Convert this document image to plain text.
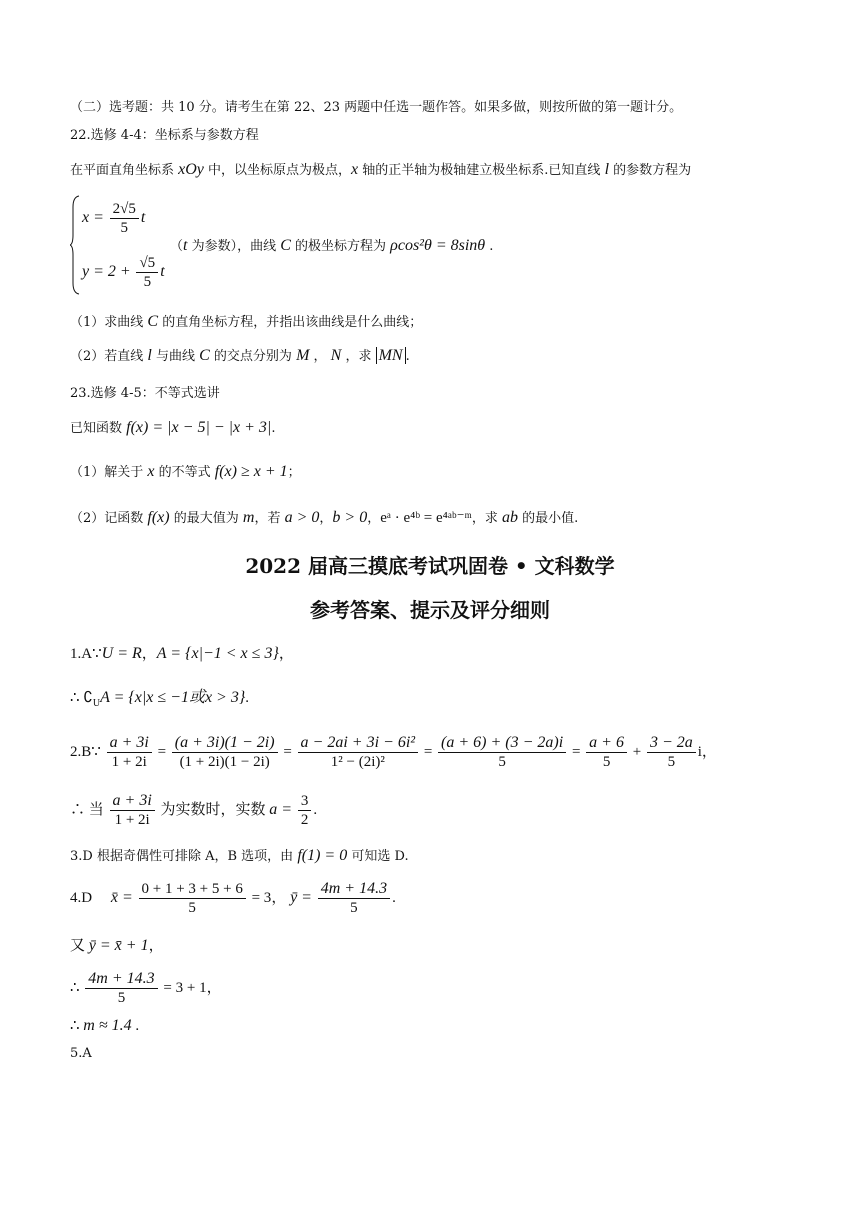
（二）选考题：共 10 分。请考生在第 22、23 两题中任选一题作答。如果多做，则按所做的第一题计分。
22.选修 4-4：坐标系与参数方程
在平面直角坐标系 xOy 中，以坐标原点为极点，x 轴的正半轴为极轴建立极坐标系.已知直线 l 的参数方程为
$x = \frac{2√5}{5}$ t
$y = 2 + \frac{√5}{5}$ t
（t 为参数），曲线 C 的极坐标方程为 ρcos²θ = 8sinθ .
（1）求曲线 C 的直角坐标方程，并指出该曲线是什么曲线；
（2）若直线 l 与曲线 C 的交点分别为 M ， N ，求 MN .
23.选修 4-5：不等式选讲
已知函数 f(x) = |x − 5| − |x + 3|.
（1）解关于 x 的不等式 f(x) ≥ x + 1；
（2）记函数 f(x) 的最大值为 m，若 a > 0，b > 0，eᵃ · e⁴ᵇ = e⁴ᵃᵇ⁻ᵐ，求 ab 的最小值.
2022 届高三摸底考试巩固卷 • 文科数学
参考答案、提示及评分细则
1.A∵U = R，A = {x|−1 < x ≤ 3}，
∴ $∁_UA = \{x|x \le -1$或x > 3}.
2.B∵ $\frac{a + 3i}{1 + 2i} = \frac{(a + 3i)(1 - 2i)}{(1 + 2i)(1 - 2i)} = \frac{\text{a − 2ai + 3i − 6i²}}{\text{1² − (2i)²}} = \frac{(a + 6) + (3 - 2a)i}{5} = \frac{a + 6}{5} + \frac{3 - 2a}{5}$ i，
∴ 当 $\frac{a + 3i}{1 + 2i}$ 为实数时，实数 $a = \frac{3}{2}$ .
3.D 根据奇偶性可排除 A，B 选项，由 f(1) = 0 可知选 D.
4.D x̄ = $\frac{0 + 1 + 3 + 5 + 6}{5} = 3$， ȳ = $\frac{4m + 14.3}{5}$ .
又 ȳ = x̄ + 1，
∴ $\frac{4m + 14.3}{5} = 3 + 1$，
∴ m ≈ 1.4 .
5.A
